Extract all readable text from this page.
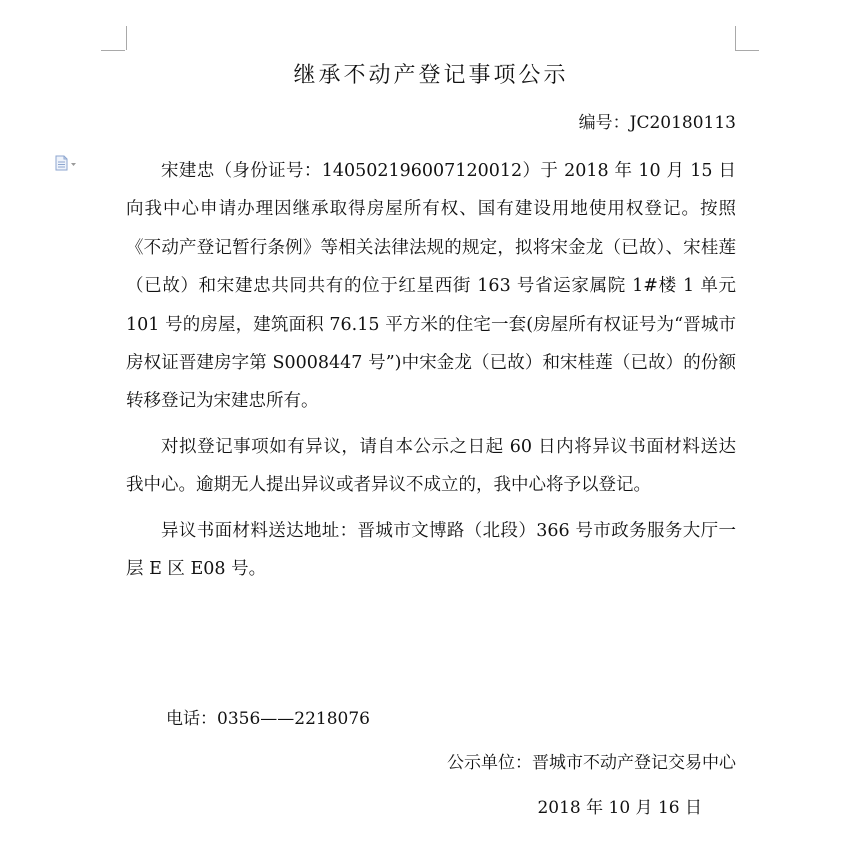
继承不动产登记事项公示
编号：JC20180113

宋建忠（身份证号：140502196007120012）于 2018 年 10 月 15 日向我中心申请办理因继承取得房屋所有权、国有建设用地使用权登记。按照《不动产登记暂行条例》等相关法律法规的规定，拟将宋金龙（已故）、宋桂莲（已故）和宋建忠共同共有的位于红星西街 163 号省运家属院 1#楼 1 单元 101 号的房屋，建筑面积 76.15 平方米的住宅一套(房屋所有权证号为“晋城市房权证晋建房字第 S0008447 号”)中宋金龙（已故）和宋桂莲（已故）的份额转移登记为宋建忠所有。

对拟登记事项如有异议，请自本公示之日起 60 日内将异议书面材料送达我中心。逾期无人提出异议或者异议不成立的，我中心将予以登记。

异议书面材料送达地址：晋城市文博路（北段）366 号市政务服务大厅一层 E 区 E08 号。

电话：0356——2218076
公示单位：晋城市不动产登记交易中心
2018 年 10 月 16 日
